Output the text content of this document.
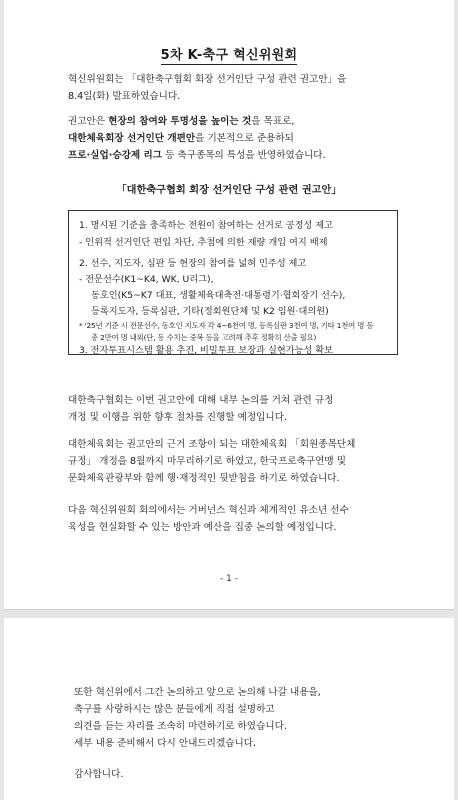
5차 K-축구 혁신위원회
혁신위원회는 「대한축구협회 회장 선거인단 구성 관련 권고안」을
8.4일(화) 발표하였습니다.
권고안은 현장의 참여와 투명성을 높이는 것을 목표로,
대한체육회장 선거인단 개편안을 기본적으로 준용하되
프로·실업·승강제 리그 등 축구종목의 특성을 반영하였습니다.
「대한축구협회 회장 선거인단 구성 관련 권고안」
1. 명시된 기준을 충족하는 전원이 참여하는 선거로 공정성 제고
- 인위적 선거인단 편입 차단, 추첨에 의한 재량 개입 여지 배제
2. 선수, 지도자, 심판 등 현장의 참여를 넓혀 민주성 제고
- 전문선수(K1~K4, WK, U리그),
동호인(K5~K7 대표, 생활체육대축전·대통령기·협회장기 선수),
등록지도자, 등록심판, 기타(정회원단체 및 K2 임원·대의원)
* '25년 기준 시 전문선수, 동호인 지도자 각 4~6천여 명, 등록심판 3천여 명, 기타 1천여 명 등
총 2만여 명 내외(단, 동 수치는 중복 등을 고려해 추후 정확히 산출 필요)
3. 전자투표시스템 활용 추진, 비밀투표 보장과 실현가능성 확보
대한축구협회는 이번 권고안에 대해 내부 논의를 거쳐 관련 규정
개정 및 이행을 위한 향후 절차를 진행할 예정입니다.
대한체육회는 권고안의 근거 조항이 되는 대한체육회 「회원종목단체
규정」 개정을 8월까지 마무리하기로 하였고, 한국프로축구연맹 및
문화체육관광부와 함께 행·재정적인 뒷받침을 하기로 하였습니다.
다음 혁신위원회 회의에서는 거버넌스 혁신과 체계적인 유소년 선수
육성을 현실화할 수 있는 방안과 예산을 집중 논의할 예정입니다.
- 1 -
또한 혁신위에서 그간 논의하고 앞으로 논의해 나갈 내용을,
축구를 사랑하시는 많은 분들에게 직접 설명하고
의견을 듣는 자리를 조속히 마련하기로 하였습니다.
세부 내용 준비해서 다시 안내드리겠습니다.
감사합니다.
